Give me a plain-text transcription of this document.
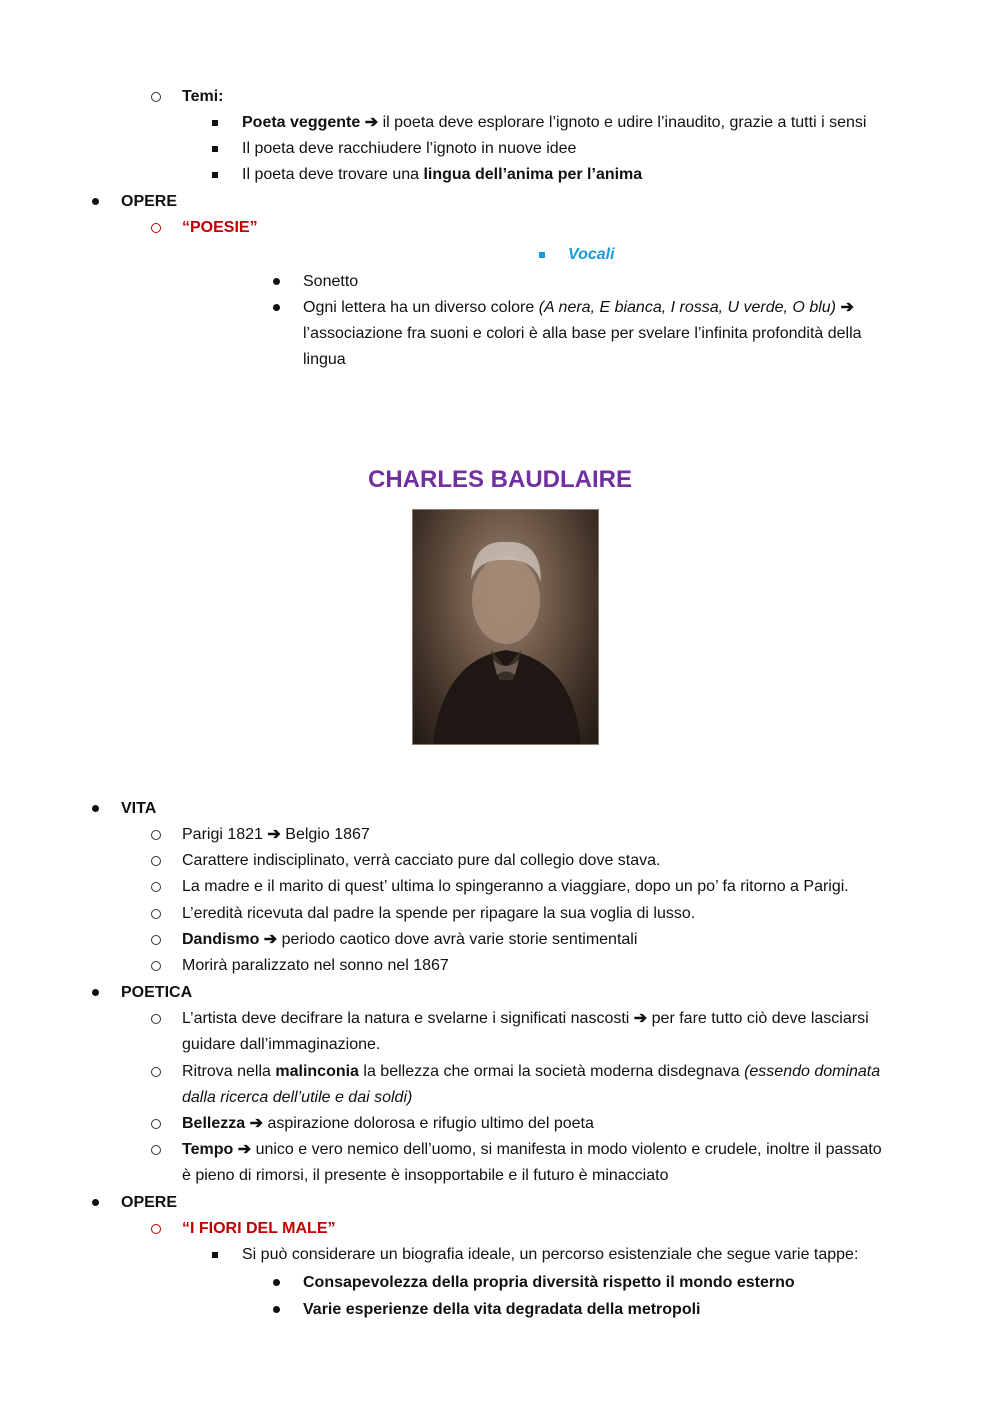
Temi:
Poeta veggente ➔ il poeta deve esplorare l’ignoto e udire l’inaudito, grazie a tutti i sensi
Il poeta deve racchiudere l’ignoto in nuove idee
Il poeta deve trovare una lingua dell’anima per l’anima
OPERE
“POESIE”
Vocali
Sonetto
Ogni lettera ha un diverso colore (A nera, E bianca, I rossa, U verde, O blu) ➔
l’associazione fra suoni e colori è alla base per svelare l’infinita profondità della
lingua
CHARLES BAUDLAIRE
VITA
Parigi 1821 ➔ Belgio 1867
Carattere indisciplinato, verrà cacciato pure dal collegio dove stava.
La madre e il marito di quest’ ultima lo spingeranno a viaggiare, dopo un po’ fa ritorno a Parigi.
L’eredità ricevuta dal padre la spende per ripagare la sua voglia di lusso.
Dandismo ➔ periodo caotico dove avrà varie storie sentimentali
Morirà paralizzato nel sonno nel 1867
POETICA
L’artista deve decifrare la natura e svelarne i significati nascosti ➔ per fare tutto ciò deve lasciarsi
guidare dall’immaginazione.
Ritrova nella malinconia la bellezza che ormai la società moderna disdegnava (essendo dominata
dalla ricerca dell’utile e dai soldi)
Bellezza ➔ aspirazione dolorosa e rifugio ultimo del poeta
Tempo ➔ unico e vero nemico dell’uomo, si manifesta in modo violento e crudele, inoltre il passato
è pieno di rimorsi, il presente è insopportabile e il futuro è minacciato
OPERE
“I FIORI DEL MALE”
Si può considerare un biografia ideale, un percorso esistenziale che segue varie tappe:
Consapevolezza della propria diversità rispetto il mondo esterno
Varie esperienze della vita degradata della metropoli
